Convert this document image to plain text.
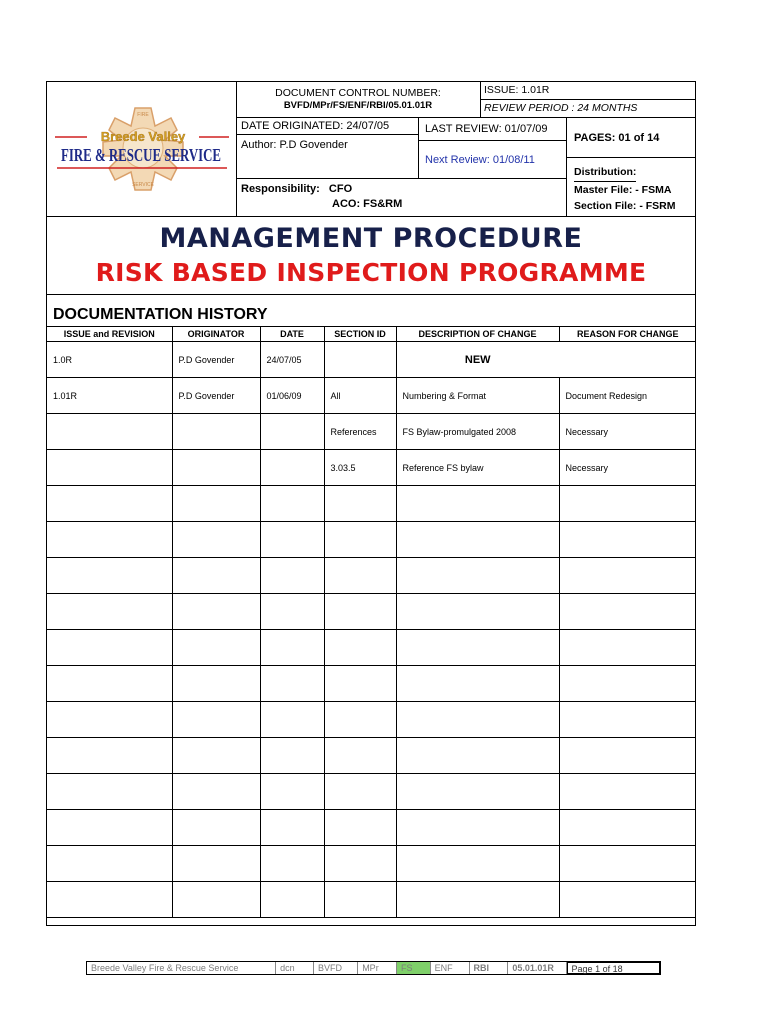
FIRE
SERVICE
Breede Valley
FIRE & RESCUE SERVICE
DOCUMENT CONTROL NUMBER:
BVFD/MPr/FS/ENF/RBI/05.01.01R
ISSUE: 1.01R
REVIEW PERIOD : 24 MONTHS
DATE ORIGINATED: 24/07/05
Author: P.D Govender
LAST REVIEW: 01/07/09
Next Review: 01/08/11
PAGES: 01 of 14
Distribution:
Master File: - FSMA
Section File: - FSRM
Responsibility: CFO
ACO: FS&RM
MANAGEMENT PROCEDURE
RISK BASED INSPECTION PROGRAMME
DOCUMENTATION HISTORY
ISSUE and REVISION	ORIGINATOR	DATE	SECTION ID	DESCRIPTION OF CHANGE	REASON FOR CHANGE
1.0R	P.D Govender	24/07/05		NEW	
1.01R	P.D Govender	01/06/09	All	Numbering & Format	Document Redesign
			References	FS Bylaw-promulgated 2008	Necessary
			3.03.5	Reference FS bylaw	Necessary

Breede Valley Fire & Rescue Service	dcn	BVFD	MPr	FS	ENF	RBI	05.01.01R	Page 1 of 18
